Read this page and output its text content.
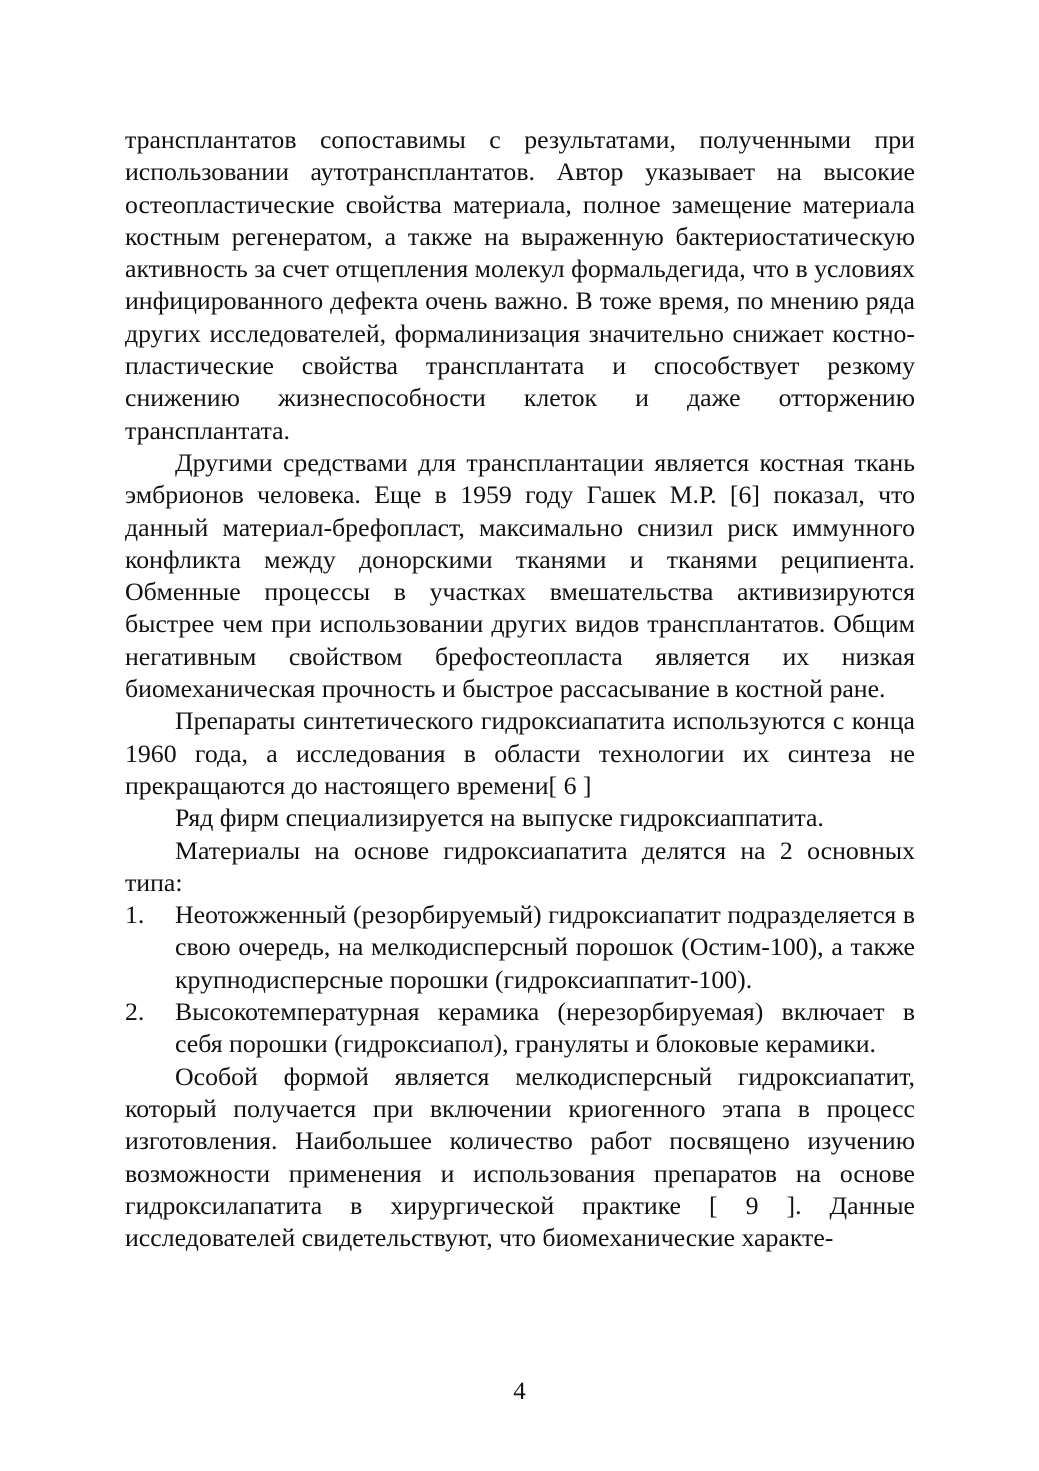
трансплантатов сопоставимы с результатами, полученными при использовании аутотрансплантатов. Автор указывает на высокие остеопластические свойства материала, полное замещение материала костным регенератом, а также на выраженную бактериостатическую активность за счет отщепления молекул формальдегида, что в условиях инфицированного дефекта очень важно. В тоже время, по мнению ряда других исследователей, формалинизация значительно снижает костно-пластические свойства трансплантата и способствует резкому снижению жизнеспособности клеток и даже отторжению трансплантата.

Другими средствами для трансплантации является костная ткань эмбрионов человека. Еще в 1959 году Гашек М.Р. [6] показал, что данный материал-брефопласт, максимально снизил риск иммунного конфликта между донорскими тканями и тканями реципиента. Обменные процессы в участках вмешательства активизируются быстрее чем при использовании других видов трансплантатов. Общим негативным свойством брефостеопласта является их низкая биомеханическая прочность и быстрое рассасывание в костной ране.

Препараты синтетического гидроксиапатита используются с конца 1960 года, а исследования в области технологии их синтеза не прекращаются до настоящего времени[ 6 ]

Ряд фирм специализируется на выпуске гидроксиаппатита.

Материалы на основе гидроксиапатита делятся на 2 основных типа:

1.	Неотожженный (резорбируемый) гидроксиапатит подразделяется в свою очередь, на мелкодисперсный порошок (Остим-100), а также крупнодисперсные порошки (гидроксиаппатит-100).
2.	Высокотемпературная керамика (нерезорбируемая) включает в себя порошки (гидроксиапол), грануляты и блоковые керамики.

Особой формой является мелкодисперсный гидроксиапатит, который получается при включении криогенного этапа в процесс изготовления. Наибольшее количество работ посвящено изучению возможности применения и использования препаратов на основе гидроксилапатита в хирургической практике [ 9 ]. Данные исследователей свидетельствуют, что биомеханические характе-

4
